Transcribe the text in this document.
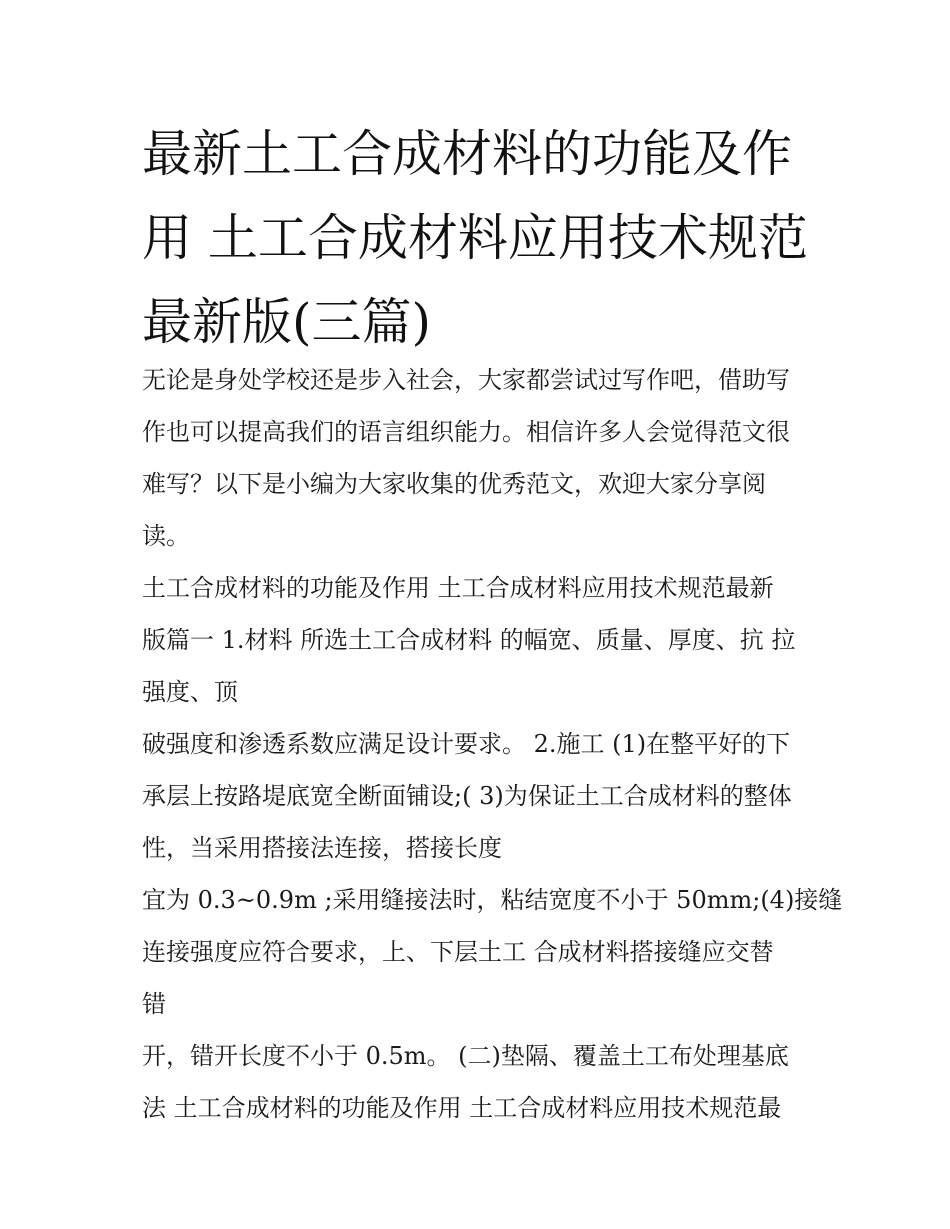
最新土工合成材料的功能及作
用 土工合成材料应用技术规范
最新版(三篇)
无论是身处学校还是步入社会，大家都尝试过写作吧，借助写
作也可以提高我们的语言组织能力。相信许多人会觉得范文很
难写？以下是小编为大家收集的优秀范文，欢迎大家分享阅
读。
土工合成材料的功能及作用 土工合成材料应用技术规范最新
版篇一 1.材料 所选土工合成材料 的幅宽、质量、厚度、抗 拉
强度、顶
破强度和渗透系数应满足设计要求。 2.施工 (1)在整平好的下
承层上按路堤底宽全断面铺设;( 3)为保证土工合成材料的整体
性，当采用搭接法连接，搭接长度
宜为 0.3~0.9m ;采用缝接法时，粘结宽度不小于 50mm;(4)接缝
连接强度应符合要求，上、下层土工 合成材料搭接缝应交替
错
开，错开长度不小于 0.5m。 (二)垫隔、覆盖土工布处理基底
法 土工合成材料的功能及作用 土工合成材料应用技术规范最
